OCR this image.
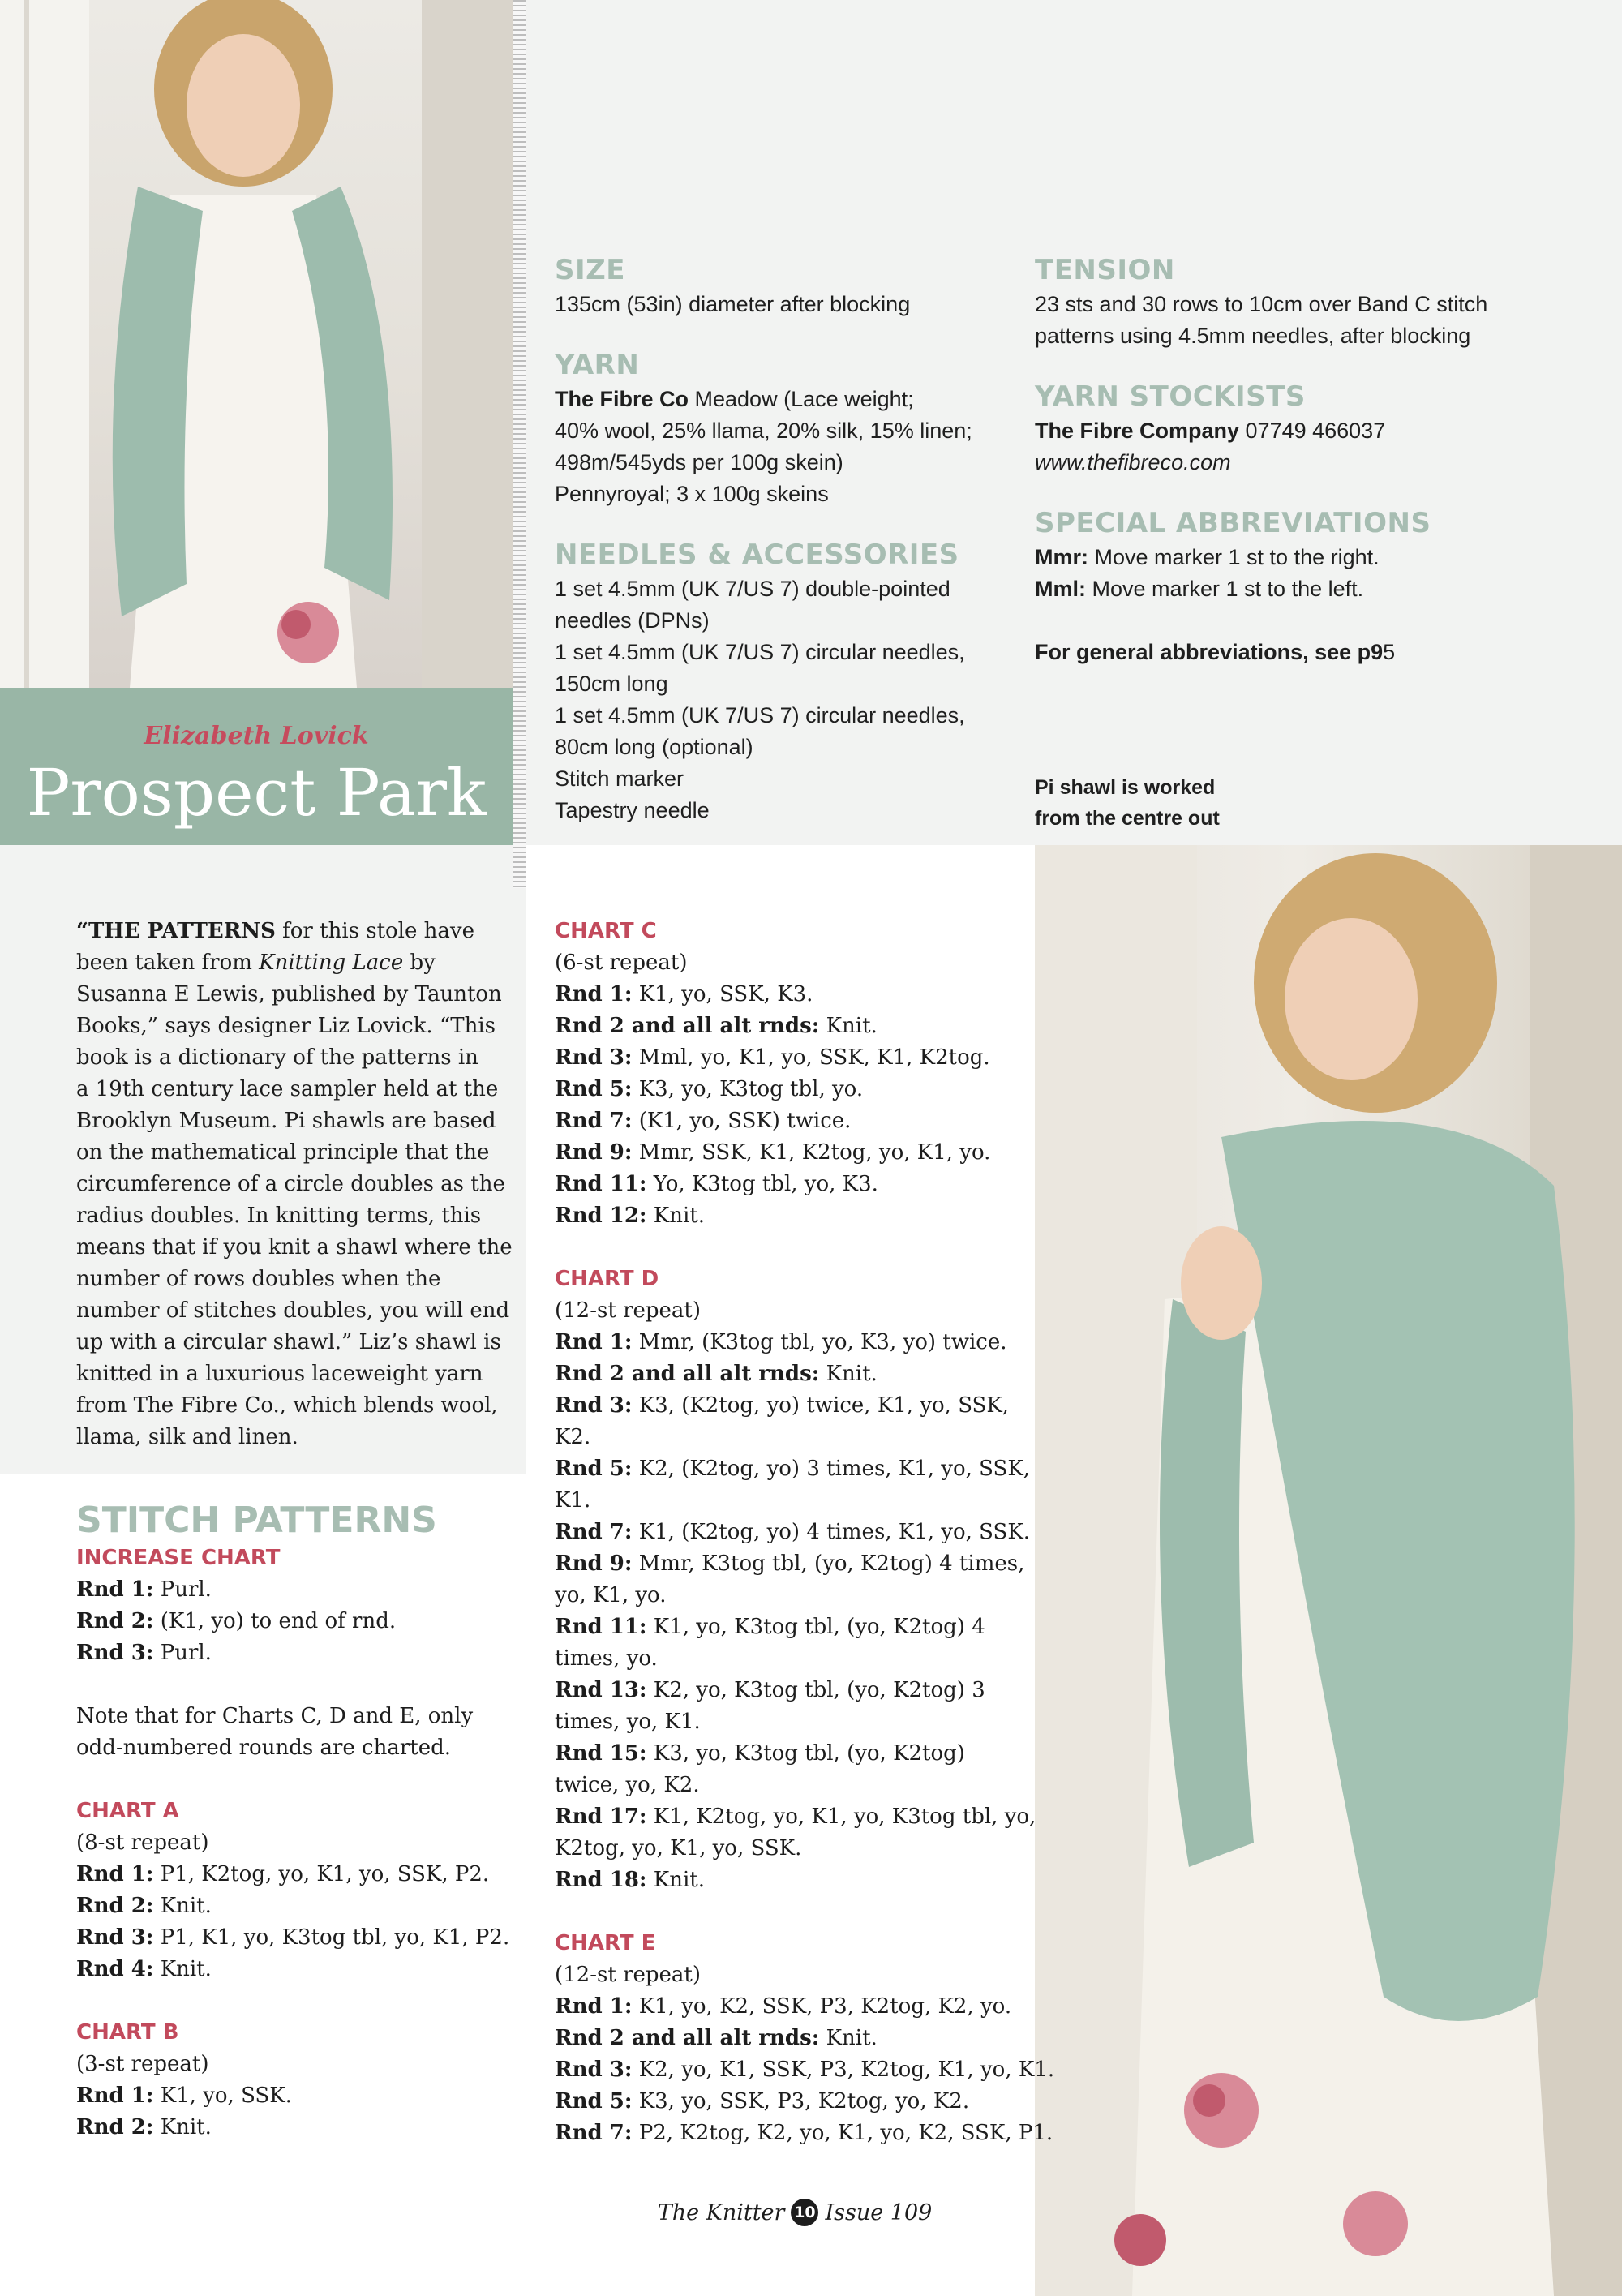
Elizabeth Lovick
Prospect Park
SIZE
135cm (53in) diameter after blocking
YARN
The Fibre Co Meadow (Lace weight;
40% wool, 25% llama, 20% silk, 15% linen;
498m/545yds per 100g skein)
Pennyroyal; 3 x 100g skeins
NEEDLES & ACCESSORIES
1 set 4.5mm (UK 7/US 7) double-pointed
needles (DPNs)
1 set 4.5mm (UK 7/US 7) circular needles,
150cm long
1 set 4.5mm (UK 7/US 7) circular needles,
80cm long (optional)
Stitch marker
Tapestry needle
TENSION
23 sts and 30 rows to 10cm over Band C stitch
patterns using 4.5mm needles, after blocking
YARN STOCKISTS
The Fibre Company 07749 466037
www.thefibreco.com
SPECIAL ABBREVIATIONS
Mmr: Move marker 1 st to the right.
Mml: Move marker 1 st to the left.
For general abbreviations, see p95
Pi shawl is worked
from the centre out
“THE PATTERNS for this stole have
been taken from Knitting Lace by
Susanna E Lewis, published by Taunton
Books,” says designer Liz Lovick. “This
book is a dictionary of the patterns in
a 19th century lace sampler held at the
Brooklyn Museum. Pi shawls are based
on the mathematical principle that the
circumference of a circle doubles as the
radius doubles. In knitting terms, this
means that if you knit a shawl where the
number of rows doubles when the
number of stitches doubles, you will end
up with a circular shawl.” Liz’s shawl is
knitted in a luxurious laceweight yarn
from The Fibre Co., which blends wool,
llama, silk and linen.
STITCH PATTERNS
INCREASE CHART
Rnd 1: Purl.
Rnd 2: (K1, yo) to end of rnd.
Rnd 3: Purl.
Note that for Charts C, D and E, only
odd-numbered rounds are charted.
CHART A
(8-st repeat)
Rnd 1: P1, K2tog, yo, K1, yo, SSK, P2.
Rnd 2: Knit.
Rnd 3: P1, K1, yo, K3tog tbl, yo, K1, P2.
Rnd 4: Knit.
CHART B
(3-st repeat)
Rnd 1: K1, yo, SSK.
Rnd 2: Knit.
CHART C
(6-st repeat)
Rnd 1: K1, yo, SSK, K3.
Rnd 2 and all alt rnds: Knit.
Rnd 3: Mml, yo, K1, yo, SSK, K1, K2tog.
Rnd 5: K3, yo, K3tog tbl, yo.
Rnd 7: (K1, yo, SSK) twice.
Rnd 9: Mmr, SSK, K1, K2tog, yo, K1, yo.
Rnd 11: Yo, K3tog tbl, yo, K3.
Rnd 12: Knit.
CHART D
(12-st repeat)
Rnd 1: Mmr, (K3tog tbl, yo, K3, yo) twice.
Rnd 2 and all alt rnds: Knit.
Rnd 3: K3, (K2tog, yo) twice, K1, yo, SSK,
K2.
Rnd 5: K2, (K2tog, yo) 3 times, K1, yo, SSK,
K1.
Rnd 7: K1, (K2tog, yo) 4 times, K1, yo, SSK.
Rnd 9: Mmr, K3tog tbl, (yo, K2tog) 4 times,
yo, K1, yo.
Rnd 11: K1, yo, K3tog tbl, (yo, K2tog) 4
times, yo.
Rnd 13: K2, yo, K3tog tbl, (yo, K2tog) 3
times, yo, K1.
Rnd 15: K3, yo, K3tog tbl, (yo, K2tog)
twice, yo, K2.
Rnd 17: K1, K2tog, yo, K1, yo, K3tog tbl, yo,
K2tog, yo, K1, yo, SSK.
Rnd 18: Knit.
CHART E
(12-st repeat)
Rnd 1: K1, yo, K2, SSK, P3, K2tog, K2, yo.
Rnd 2 and all alt rnds: Knit.
Rnd 3: K2, yo, K1, SSK, P3, K2tog, K1, yo, K1.
Rnd 5: K3, yo, SSK, P3, K2tog, yo, K2.
Rnd 7: P2, K2tog, K2, yo, K1, yo, K2, SSK, P1.
The Knitter 10 Issue 109
